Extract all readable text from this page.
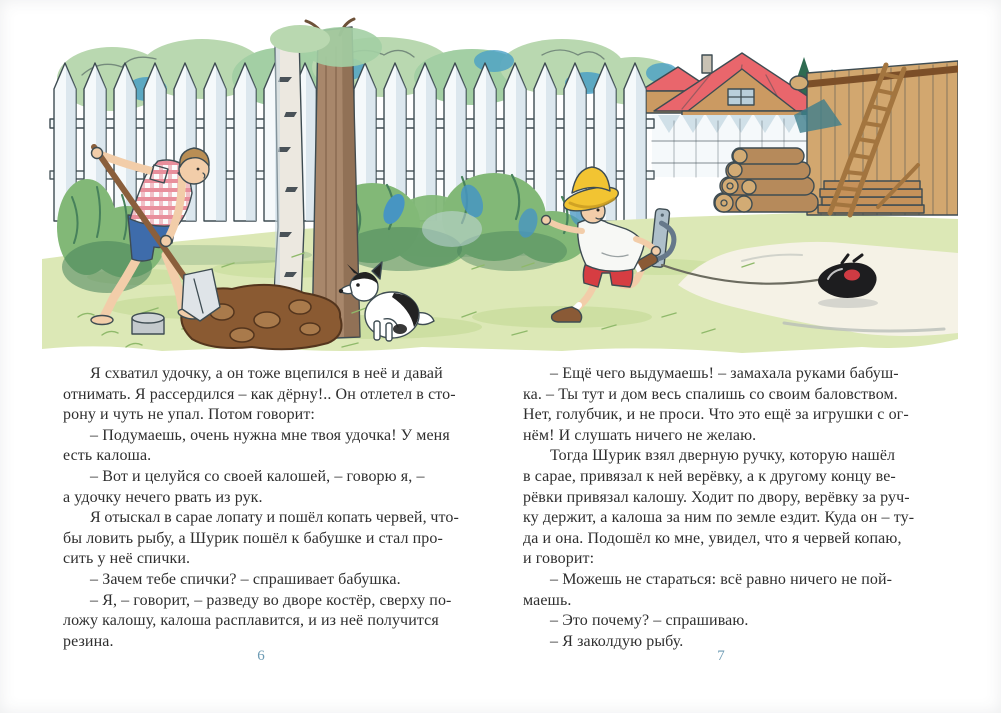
Я схватил удочку, а он тоже вцепился в неё и давай
отнимать. Я рассердился – как дёрну!.. Он отлетел в сто-
рону и чуть не упал. Потом говорит:
– Подумаешь, очень нужна мне твоя удочка! У меня
есть калоша.
– Вот и целуйся со своей калошей, – говорю я, –
а удочку нечего рвать из рук.
Я отыскал в сарае лопату и пошёл копать червей, что-
бы ловить рыбу, а Шурик пошёл к бабушке и стал про-
сить у неё спички.
– Зачем тебе спички? – спрашивает бабушка.
– Я, – говорит, – разведу во дворе костёр, сверху по-
ложу калошу, калоша расплавится, и из неё получится
резина.
– Ещё чего выдумаешь! – замахала руками бабуш-
ка. – Ты тут и дом весь спалишь со своим баловством.
Нет, голубчик, и не проси. Что это ещё за игрушки с ог-
нём! И слушать ничего не желаю.
Тогда Шурик взял дверную ручку, которую нашёл
в сарае, привязал к ней верёвку, а к другому концу ве-
рёвки привязал калошу. Ходит по двору, верёвку за руч-
ку держит, а калоша за ним по земле ездит. Куда он – ту-
да и она. Подошёл ко мне, увидел, что я червей копаю,
и говорит:
– Можешь не стараться: всё равно ничего не пой-
маешь.
– Это почему? – спрашиваю.
– Я заколдую рыбу.
6	7
